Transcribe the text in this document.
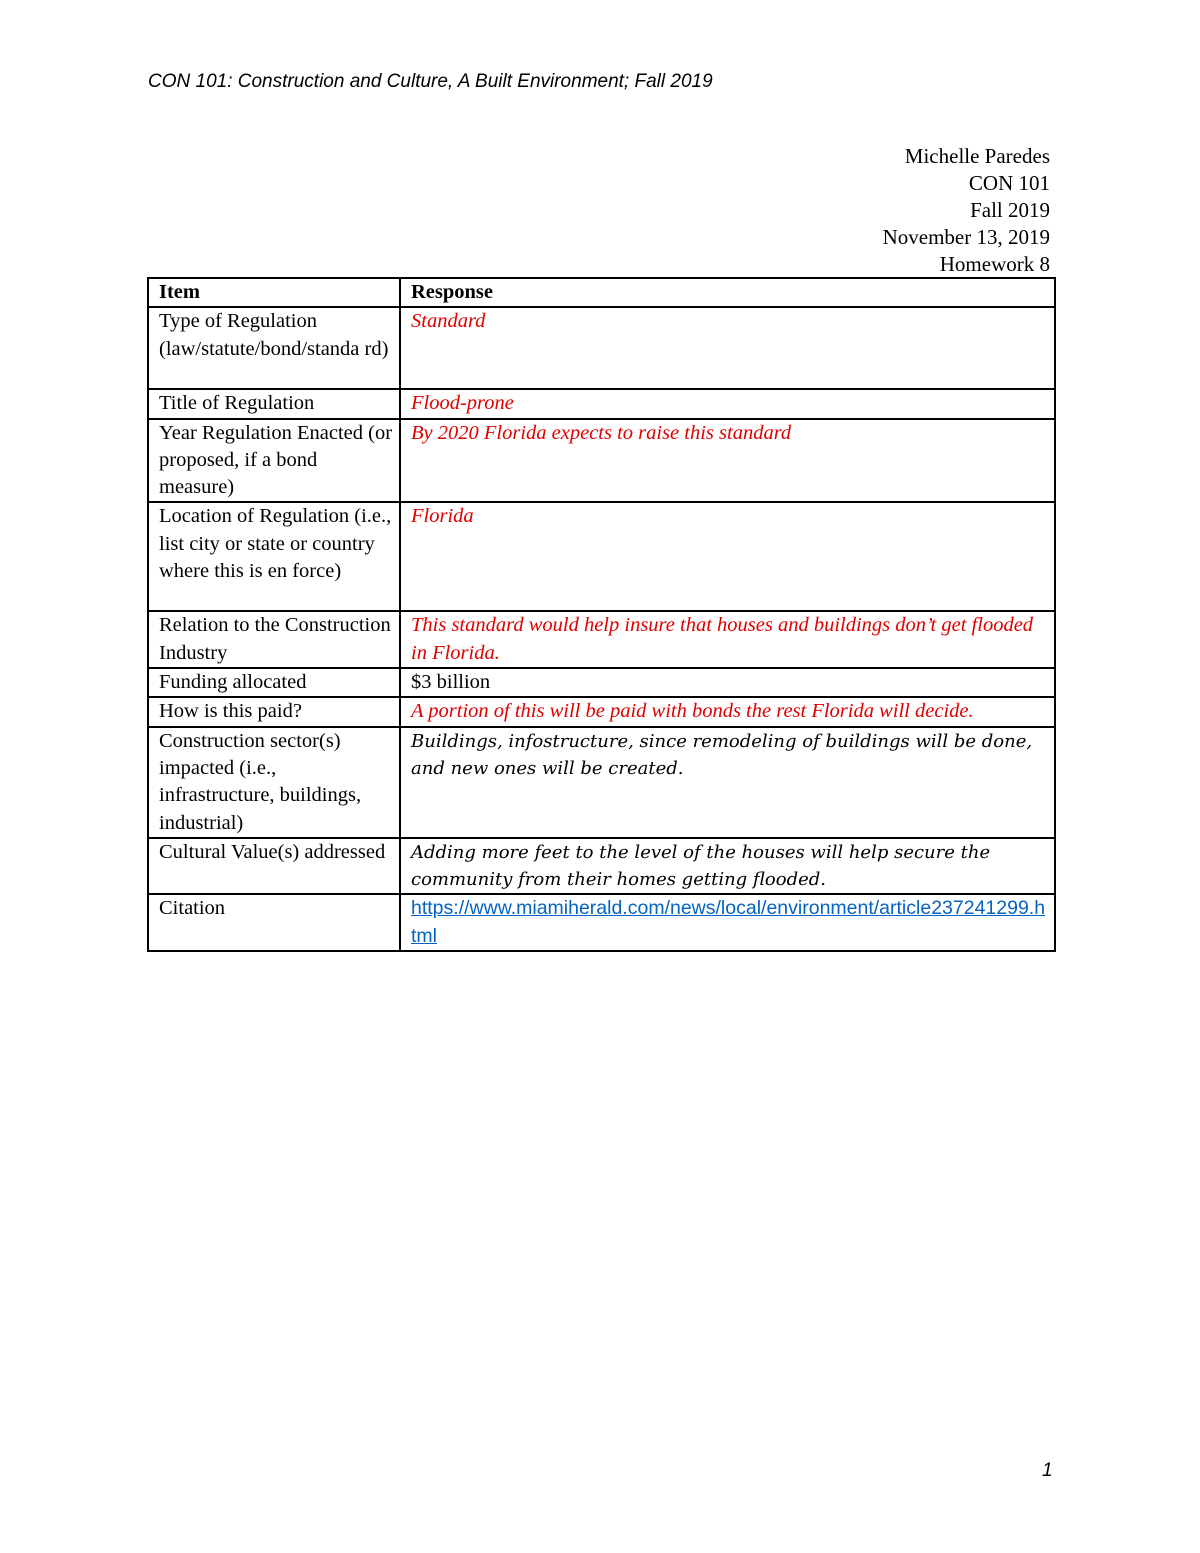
CON 101: Construction and Culture, A Built Environment; Fall 2019
Michelle Paredes
CON 101
Fall 2019
November 13, 2019
Homework 8
Item	Response
Type of Regulation (law/statute/bond/standa rd)	Standard
Title of Regulation	Flood-prone
Year Regulation Enacted (or proposed, if a bond measure)	By 2020 Florida expects to raise this standard
Location of Regulation (i.e., list city or state or country where this is en force)	Florida
Relation to the Construction Industry	This standard would help insure that houses and buildings don’t get flooded in Florida.
Funding allocated	$3 billion
How is this paid?	A portion of this will be paid with bonds the rest Florida will decide.
Construction sector(s) impacted (i.e., infrastructure, buildings, industrial)	Buildings, infostructure, since remodeling of buildings will be done, and new ones will be created.
Cultural Value(s) addressed	Adding more feet to the level of the houses will help secure the community from their homes getting flooded.
Citation	https://www.miamiherald.com/news/local/environment/article237241299.html
1
